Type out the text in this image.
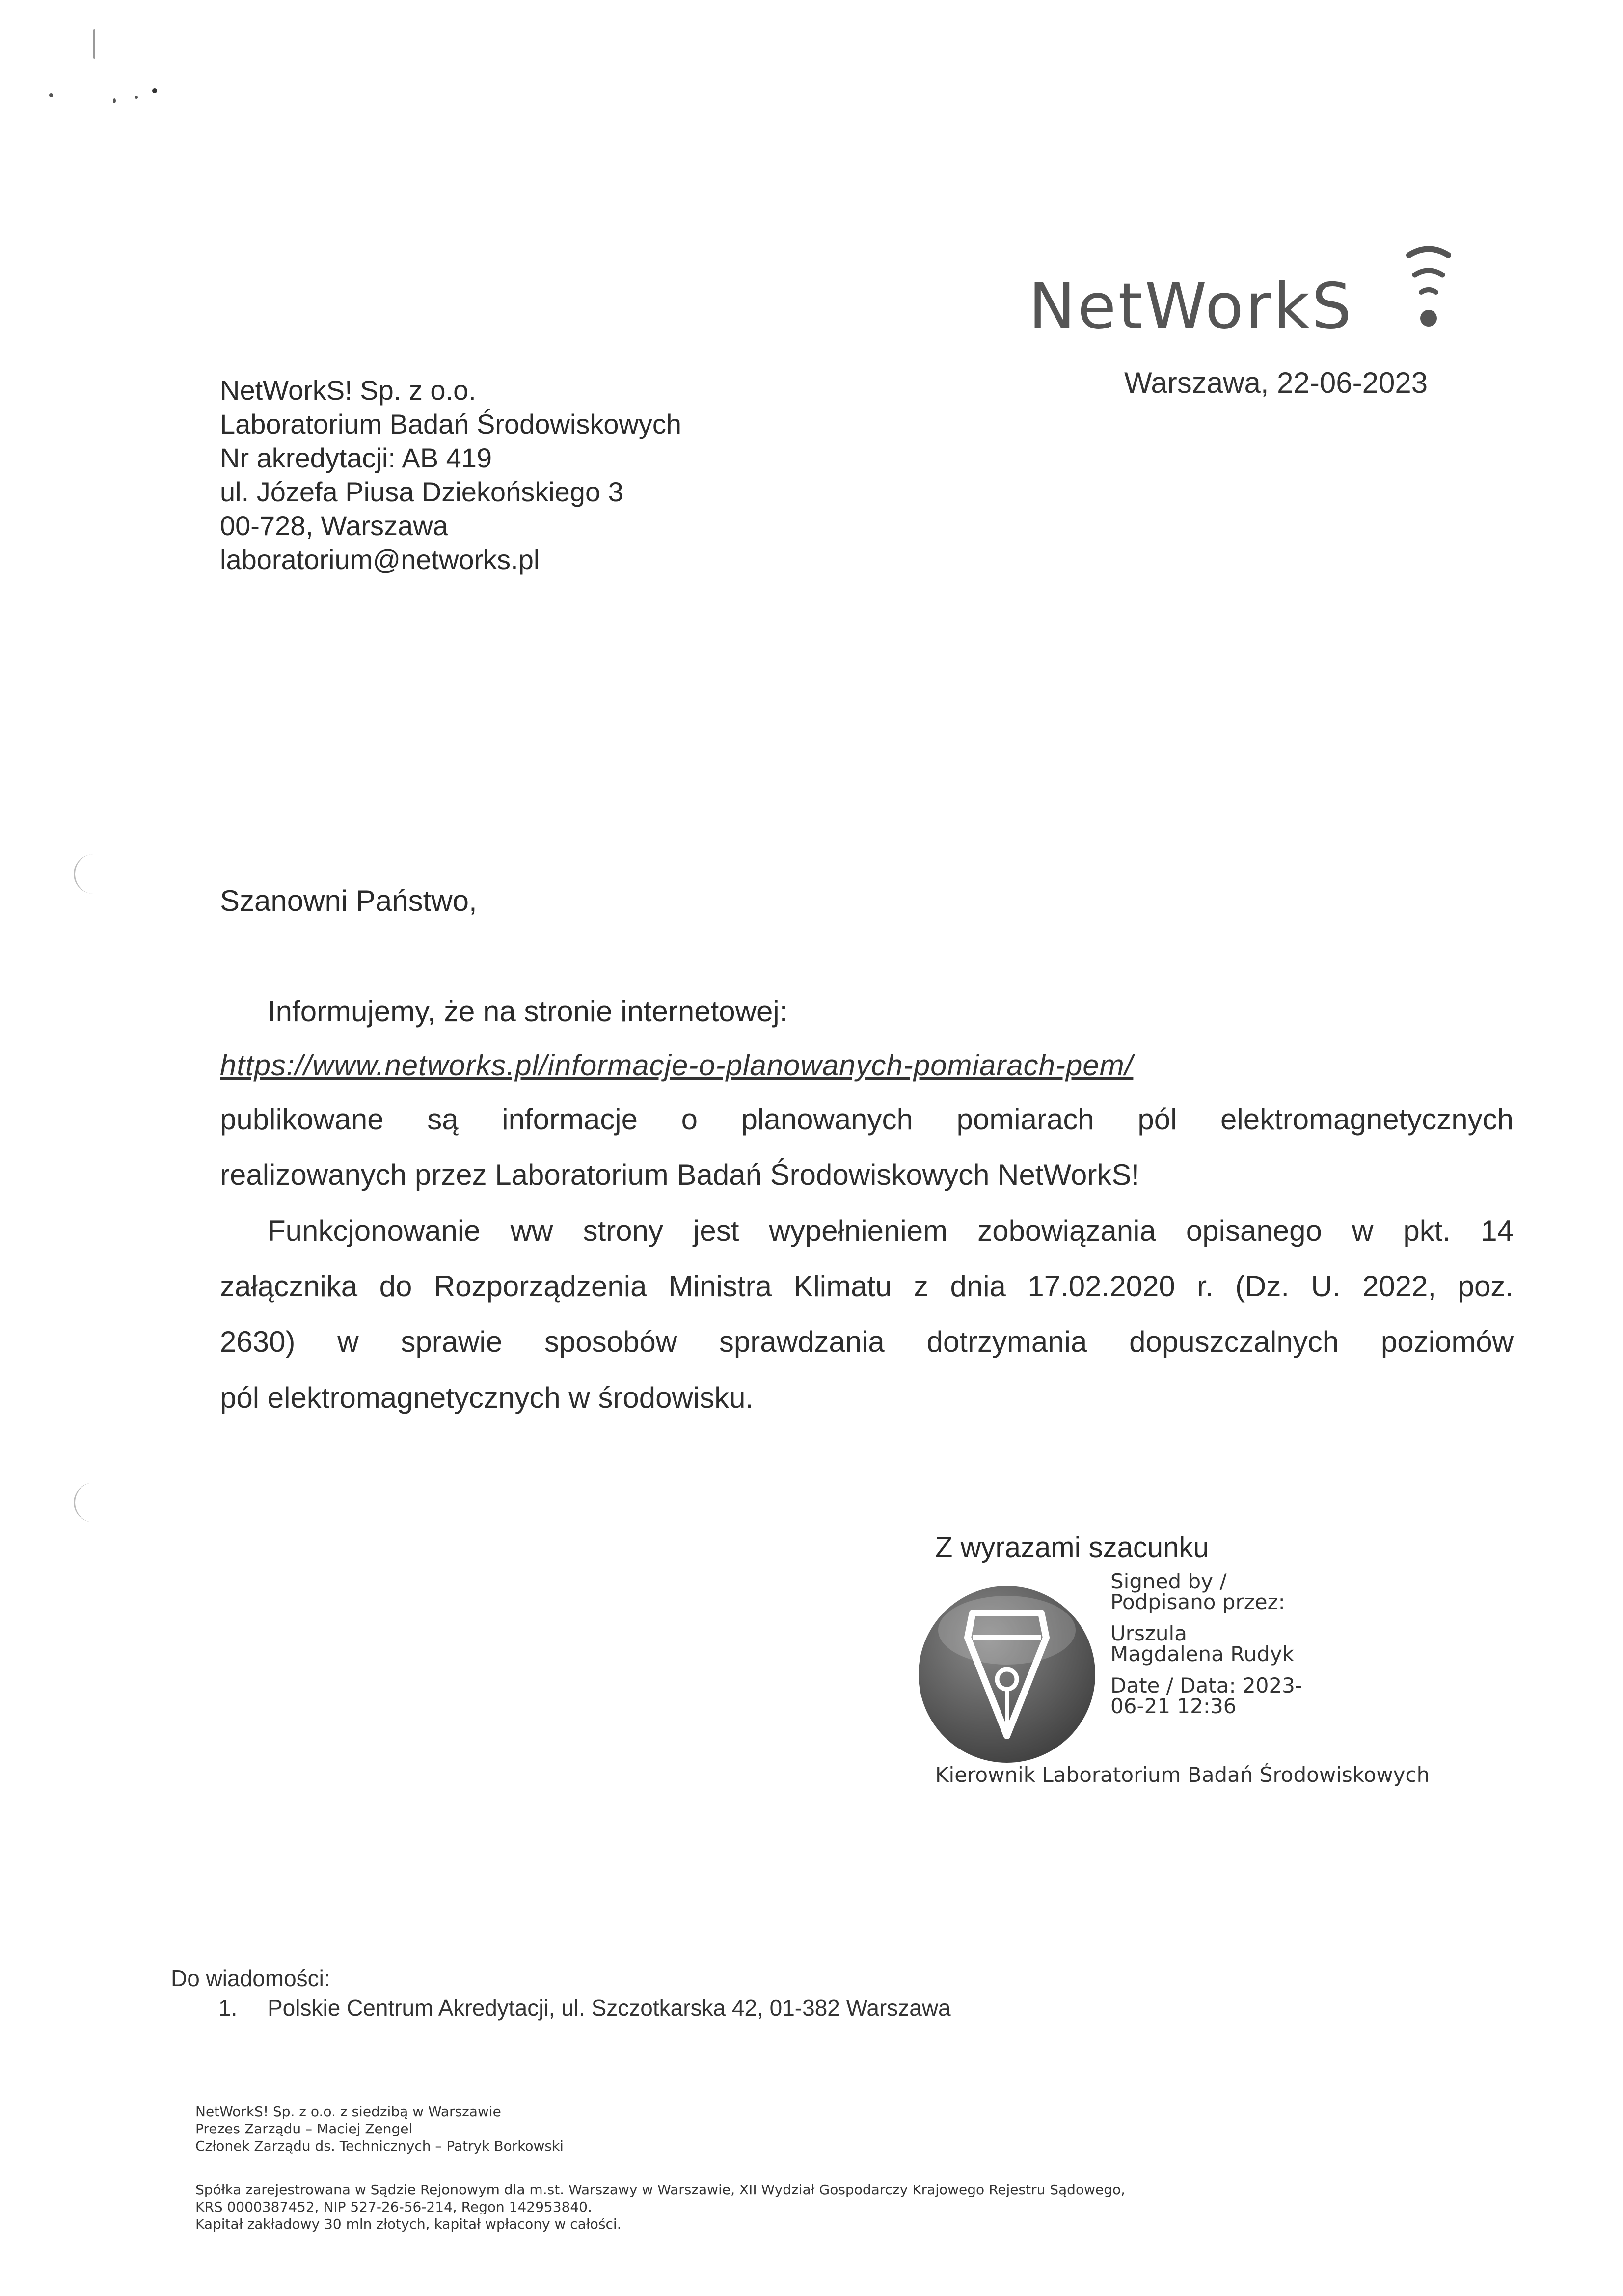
NetWorkS
Warszawa, 22-06-2023
NetWorkS! Sp. z o.o.
Laboratorium Badań Środowiskowych
Nr akredytacji: AB 419
ul. Józefa Piusa Dziekońskiego 3
00-728, Warszawa
laboratorium@networks.pl
Szanowni Państwo,
Informujemy, że na stronie internetowej:
https://www.networks.pl/informacje-o-planowanych-pomiarach-pem/
publikowane są informacje o planowanych pomiarach pól elektromagnetycznych
realizowanych przez Laboratorium Badań Środowiskowych NetWorkS!
Funkcjonowanie ww strony jest wypełnieniem zobowiązania opisanego w pkt. 14
załącznika do Rozporządzenia Ministra Klimatu z dnia 17.02.2020 r. (Dz. U. 2022, poz.
2630) w sprawie sposobów sprawdzania dotrzymania dopuszczalnych poziomów
pól elektromagnetycznych w środowisku.
Z wyrazami szacunku
Signed by /
Podpisano przez:
Urszula
Magdalena Rudyk
Date / Data: 2023-
06-21 12:36
Kierownik Laboratorium Badań Środowiskowych
Do wiadomości:
1. Polskie Centrum Akredytacji, ul. Szczotkarska 42, 01-382 Warszawa
NetWorkS! Sp. z o.o. z siedzibą w Warszawie
Prezes Zarządu – Maciej Zengel
Członek Zarządu ds. Technicznych – Patryk Borkowski
Spółka zarejestrowana w Sądzie Rejonowym dla m.st. Warszawy w Warszawie, XII Wydział Gospodarczy Krajowego Rejestru Sądowego,
KRS 0000387452, NIP 527-26-56-214, Regon 142953840.
Kapitał zakładowy 30 mln złotych, kapitał wpłacony w całości.
